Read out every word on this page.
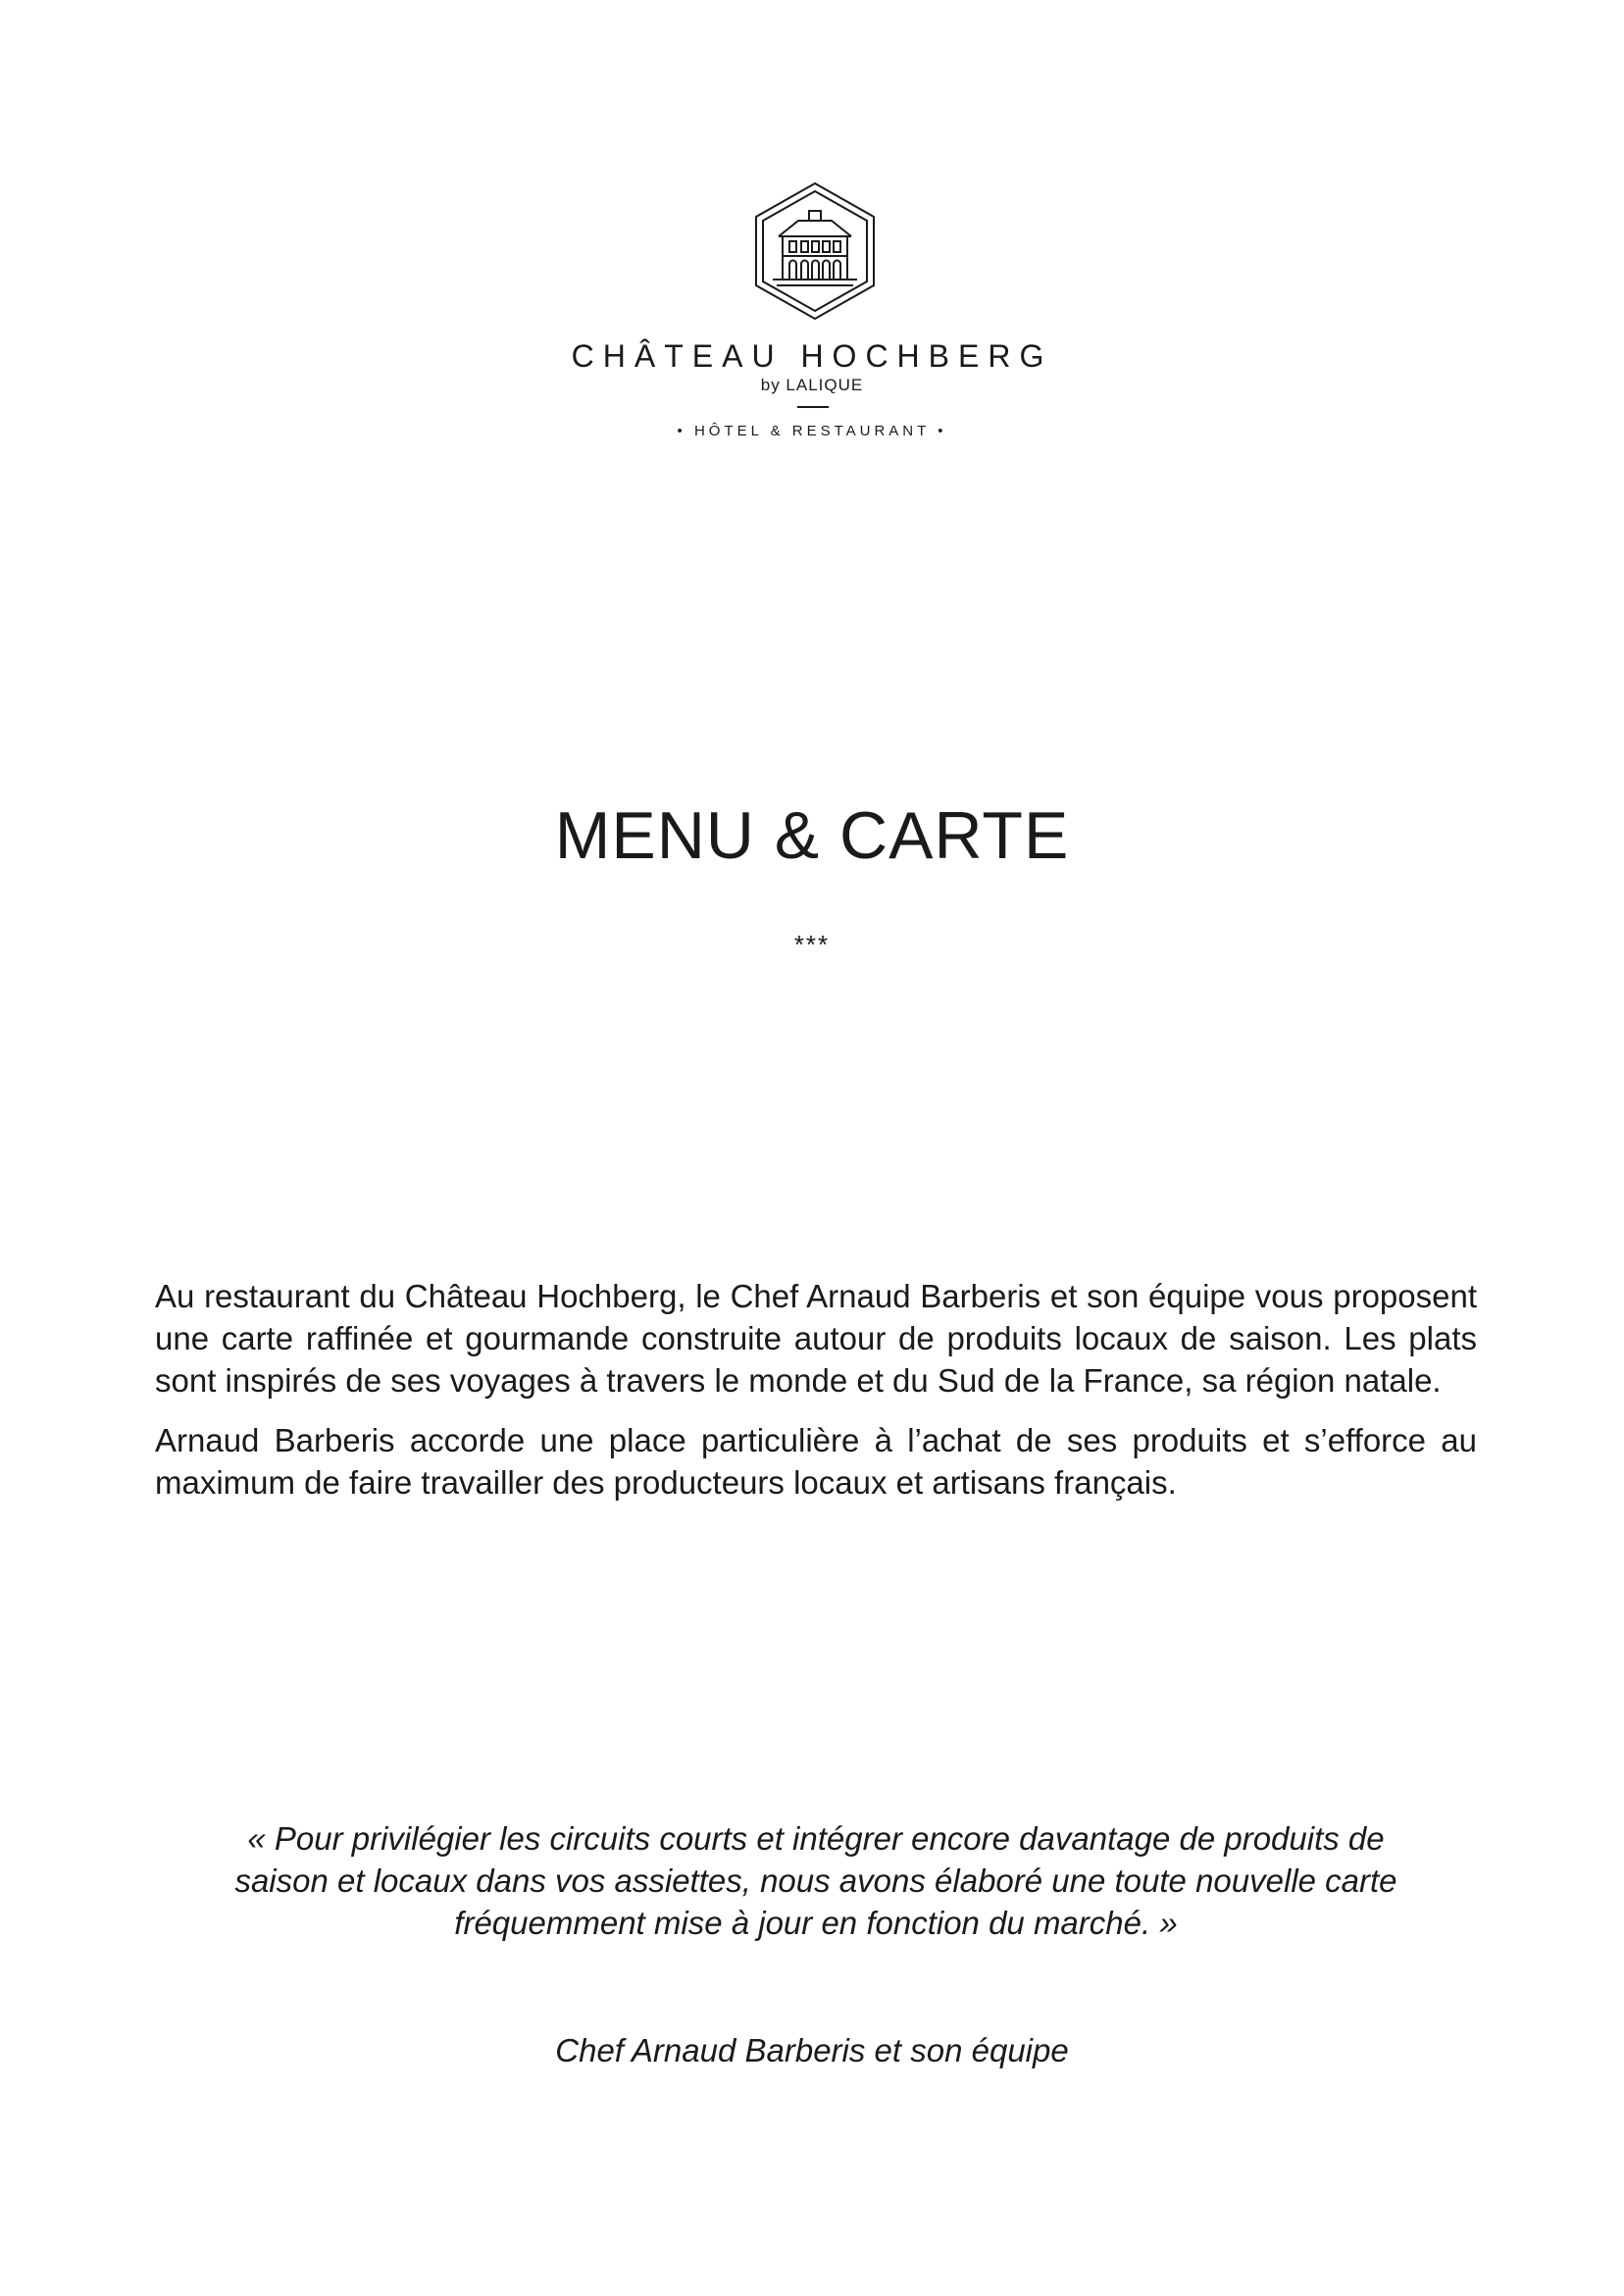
CHÂTEAU HOCHBERG
by LALIQUE
• HÔTEL & RESTAURANT •
MENU & CARTE
***

Au restaurant du Château Hochberg, le Chef Arnaud Barberis et son équipe vous proposent une carte raffinée et gourmande construite autour de produits locaux de saison. Les plats sont inspirés de ses voyages à travers le monde et du Sud de la France, sa région natale.

Arnaud Barberis accorde une place particulière à l’achat de ses produits et s’efforce au maximum de faire travailler des producteurs locaux et artisans français.

« Pour privilégier les circuits courts et intégrer encore davantage de produits de
saison et locaux dans vos assiettes, nous avons élaboré une toute nouvelle carte
fréquemment mise à jour en fonction du marché. »
Chef Arnaud Barberis et son équipe
